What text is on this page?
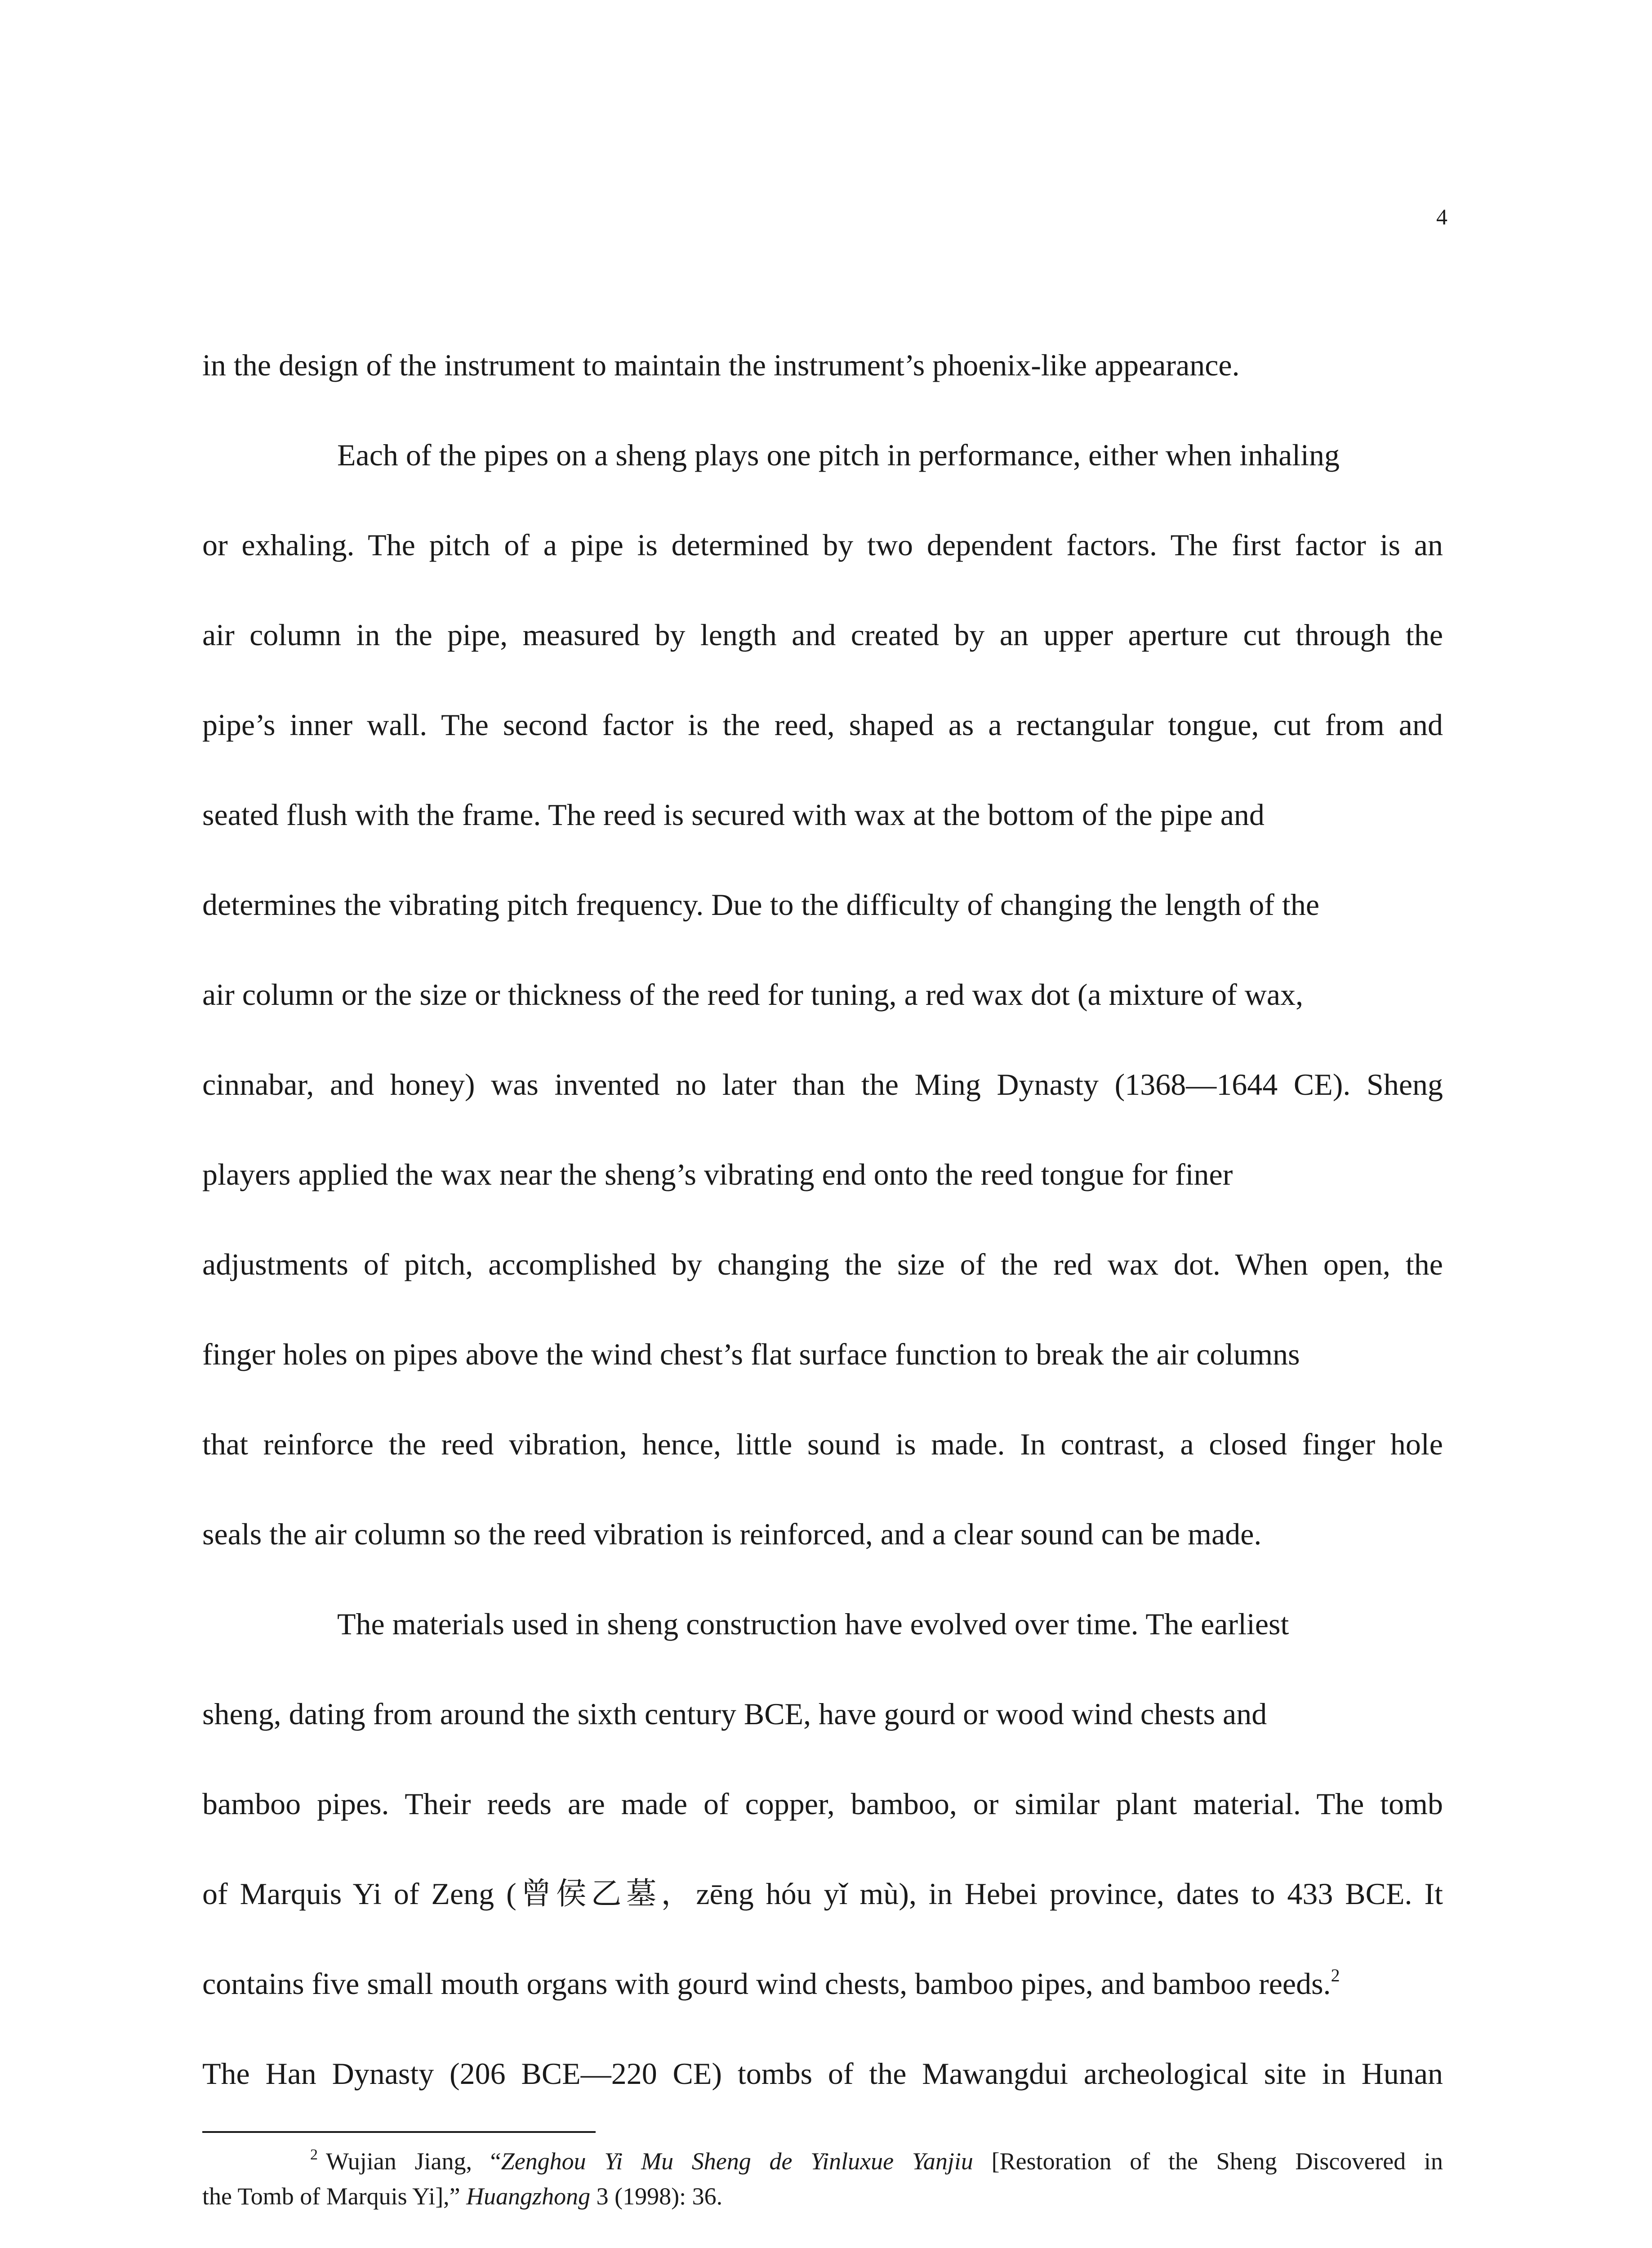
4
in the design of the instrument to maintain the instrument’s phoenix-like appearance.
Each of the pipes on a sheng plays one pitch in performance, either when inhaling
or exhaling. The pitch of a pipe is determined by two dependent factors. The first factor is an
air column in the pipe, measured by length and created by an upper aperture cut through the
pipe’s inner wall. The second factor is the reed, shaped as a rectangular tongue, cut from and
seated flush with the frame. The reed is secured with wax at the bottom of the pipe and
determines the vibrating pitch frequency. Due to the difficulty of changing the length of the
air column or the size or thickness of the reed for tuning, a red wax dot (a mixture of wax,
cinnabar, and honey) was invented no later than the Ming Dynasty (1368—1644 CE). Sheng
players applied the wax near the sheng’s vibrating end onto the reed tongue for finer
adjustments of pitch, accomplished by changing the size of the red wax dot. When open, the
finger holes on pipes above the wind chest’s flat surface function to break the air columns
that reinforce the reed vibration, hence, little sound is made. In contrast, a closed finger hole
seals the air column so the reed vibration is reinforced, and a clear sound can be made.
The materials used in sheng construction have evolved over time. The earliest
sheng, dating from around the sixth century BCE, have gourd or wood wind chests and
bamboo pipes. Their reeds are made of copper, bamboo, or similar plant material. The tomb
of Marquis Yi of Zeng (曾侯乙墓，zēng hóu yǐ mù), in Hebei province, dates to 433 BCE. It
contains five small mouth organs with gourd wind chests, bamboo pipes, and bamboo reeds.$^2$
The Han Dynasty (206 BCE—220 CE) tombs of the Mawangdui archeological site in Hunan
$^2$ Wujian Jiang, “Zenghou Yi Mu Sheng de Yinluxue Yanjiu [Restoration of the Sheng Discovered in
the Tomb of Marquis Yi],” Huangzhong 3 (1998): 36.
